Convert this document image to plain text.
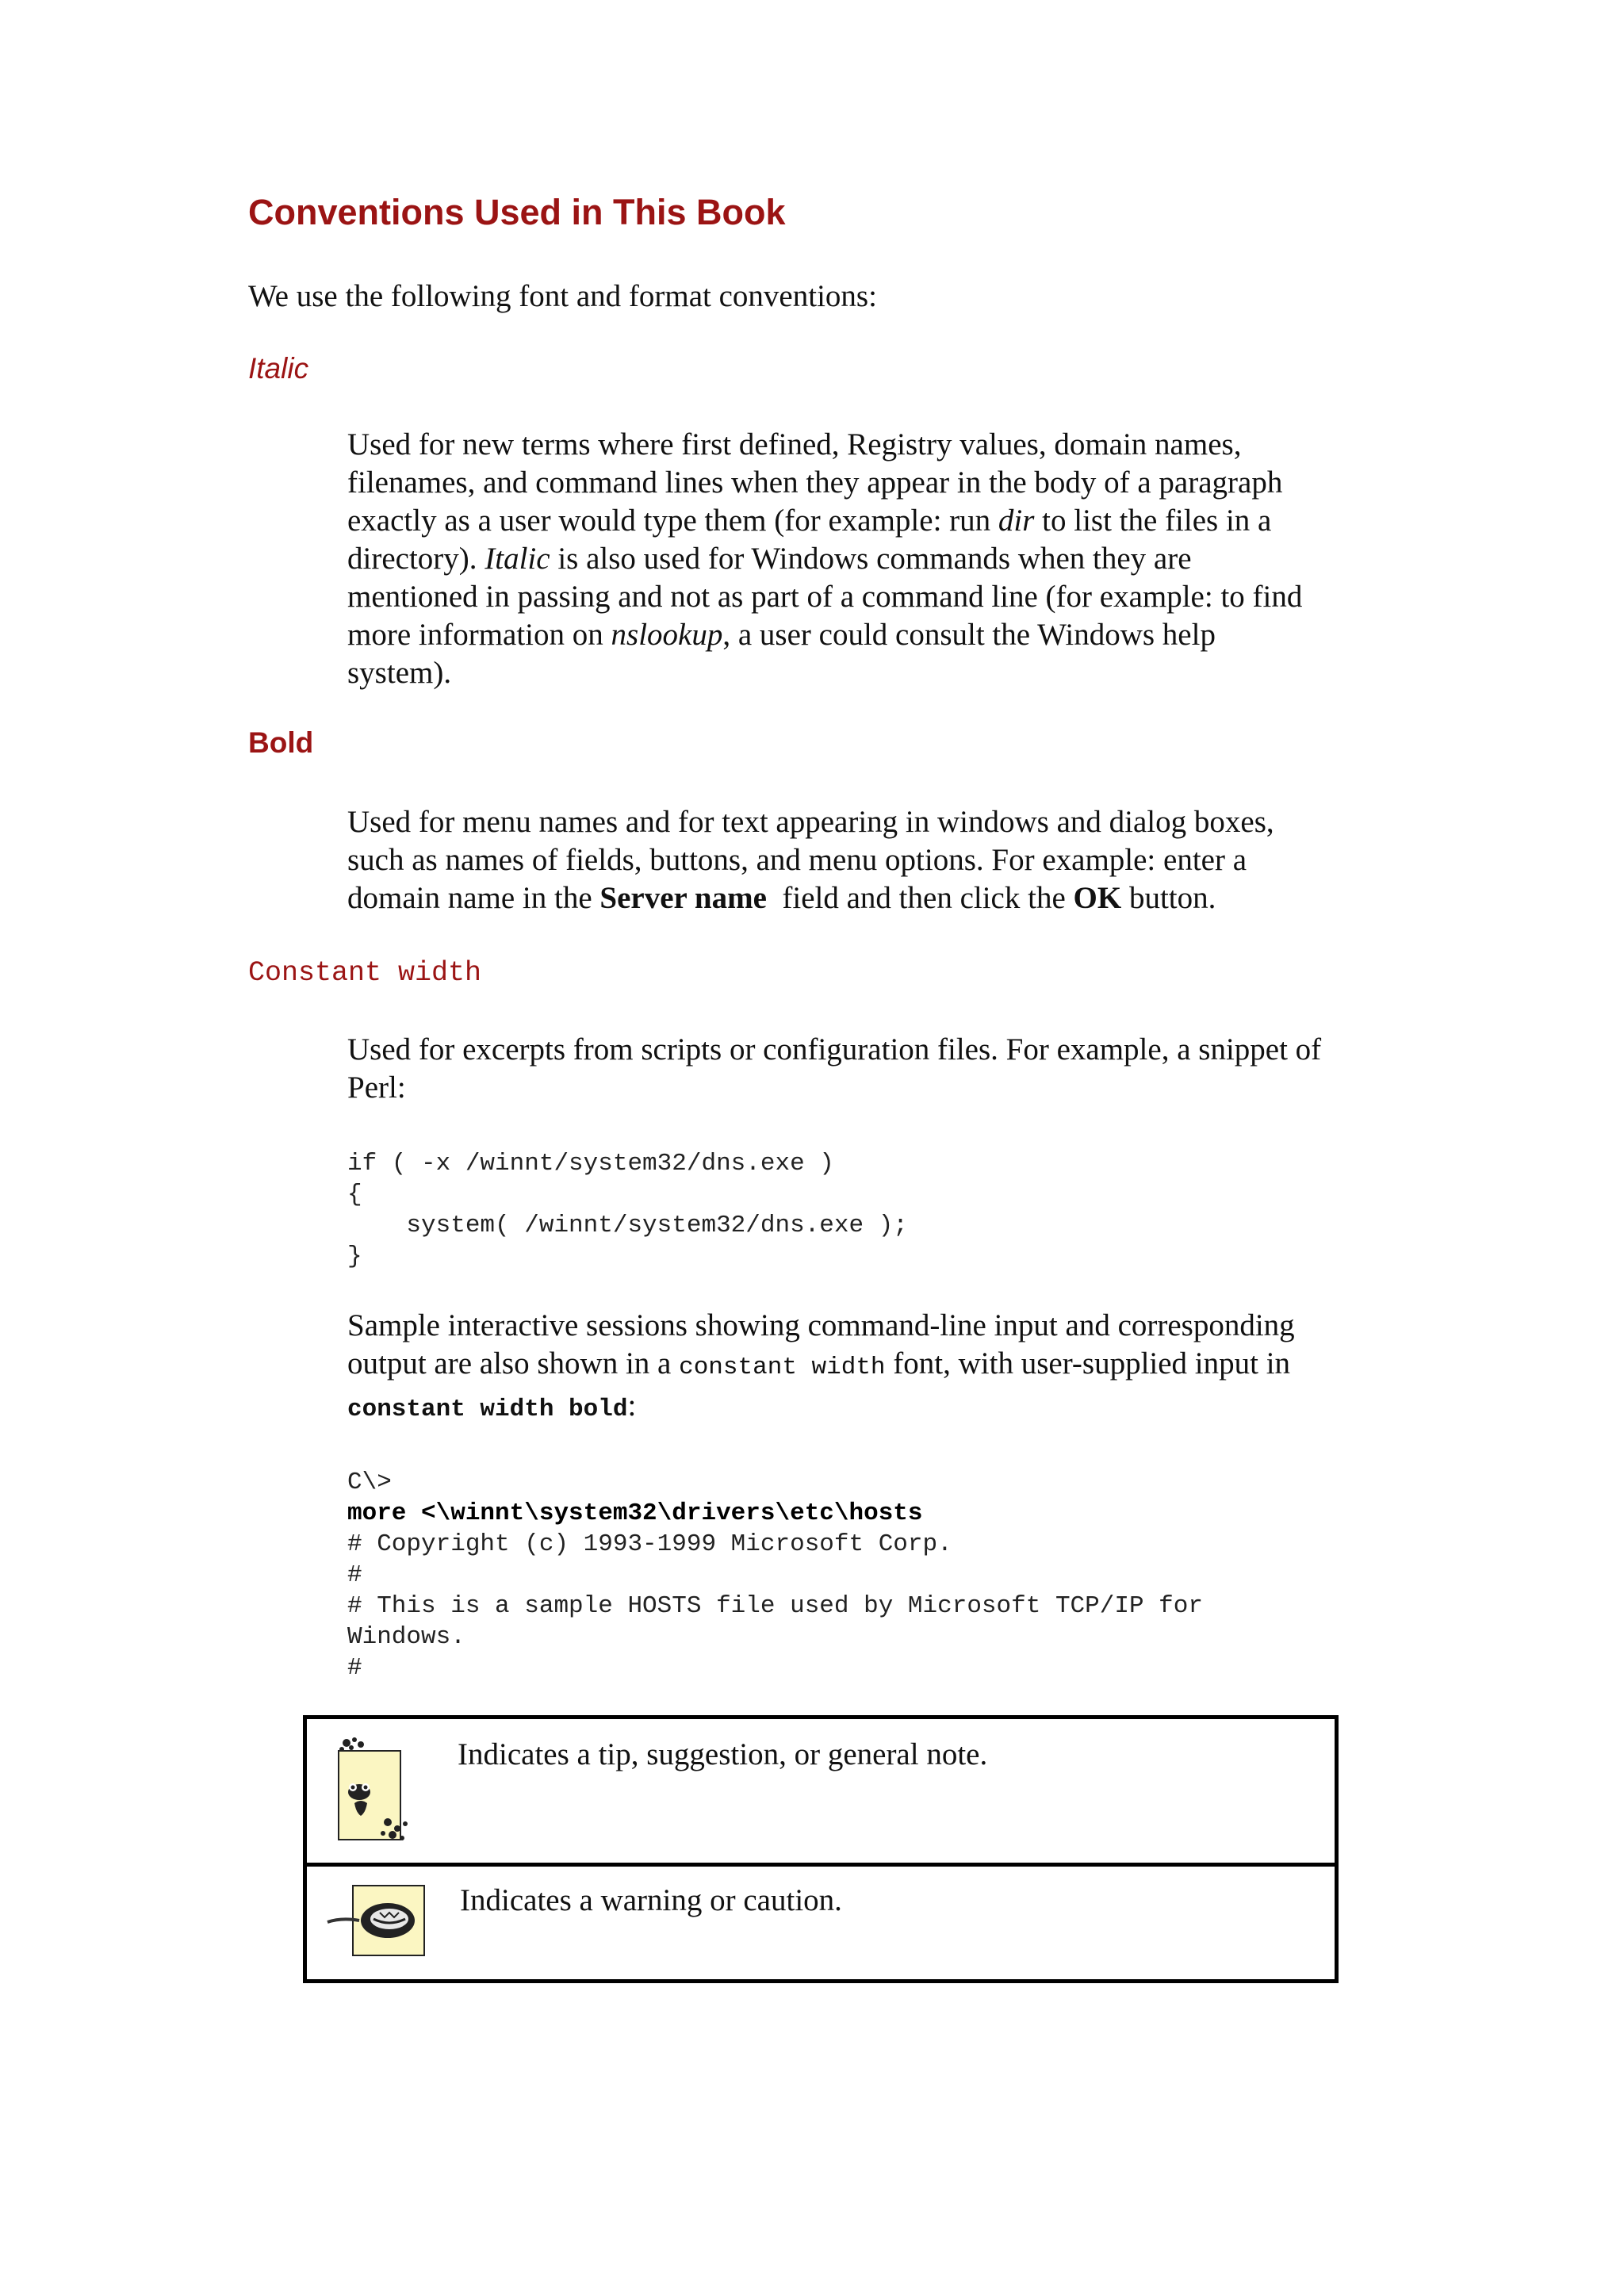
Conventions Used in This Book
We use the following font and format conventions:
Italic
Used for new terms where first defined, Registry values, domain names,
filenames, and command lines when they appear in the body of a paragraph
exactly as a user would type them (for example: run dir to list the files in a
directory). Italic is also used for Windows commands when they are
mentioned in passing and not as part of a command line (for example: to find
more information on nslookup, a user could consult the Windows help
system).
Bold
Used for menu names and for text appearing in windows and dialog boxes,
such as names of fields, buttons, and menu options. For example: enter a
domain name in the Server name  field and then click the OK button.
Constant width
Used for excerpts from scripts or configuration files. For example, a snippet of
Perl:
if ( -x /winnt/system32/dns.exe )
{
system( /winnt/system32/dns.exe );
}
Sample interactive sessions showing command-line input and corresponding
output are also shown in a constant width font, with user-supplied input in
constant width bold:
C\>
more <\winnt\system32\drivers\etc\hosts
# Copyright (c) 1993-1999 Microsoft Corp.
#
# This is a sample HOSTS file used by Microsoft TCP/IP for
Windows.
#
Indicates a tip, suggestion, or general note.
Indicates a warning or caution.
